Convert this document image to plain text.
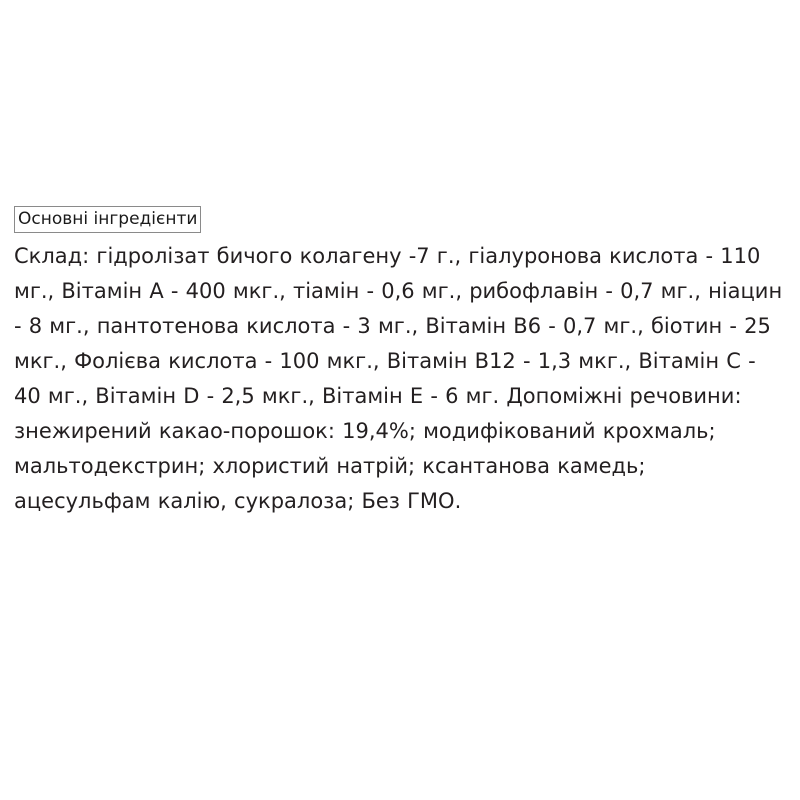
Основні інгредієнти

Склад: гідролізат бичого колагену -7 г., гіалуронова кислота - 110 мг., Вітамін А - 400 мкг., тіамін - 0,6 мг., рибофлавін - 0,7 мг., ніацин - 8 мг., пантотенова кислота - 3 мг., Вітамін В6 - 0,7 мг., біотин - 25 мкг., Фолієва кислота - 100 мкг., Вітамін В12 - 1,3 мкг., Вітамін С - 40 мг., Вітамін D - 2,5 мкг., Вітамін Е - 6 мг. Допоміжні речовини: знежирений какао-порошок: 19,4%; модифікований крохмаль; мальтодекстрин; хлористий натрій; ксантанова камедь; ацесульфам калію, сукралоза; Без ГМО.
